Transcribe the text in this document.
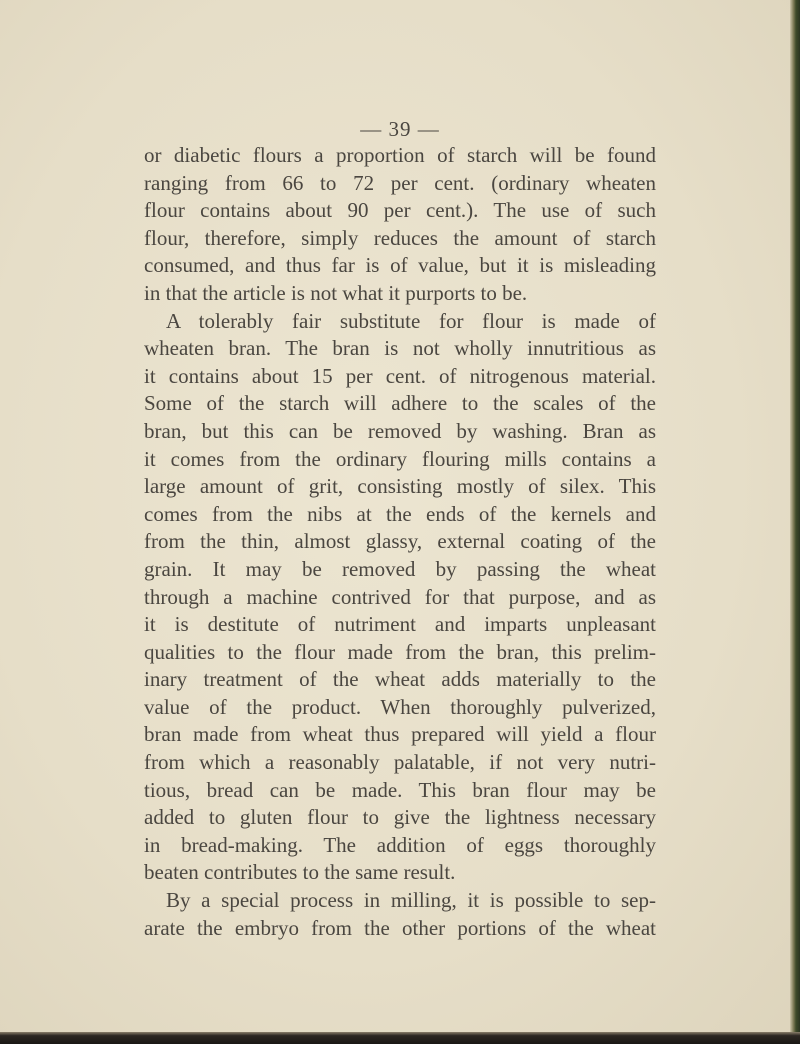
— 39 —
or diabetic flours a proportion of starch will be found
ranging from 66 to 72 per cent. (ordinary wheaten
flour contains about 90 per cent.). The use of such
flour, therefore, simply reduces the amount of starch
consumed, and thus far is of value, but it is misleading
in that the article is not what it purports to be.
A tolerably fair substitute for flour is made of
wheaten bran. The bran is not wholly innutritious as
it contains about 15 per cent. of nitrogenous material.
Some of the starch will adhere to the scales of the
bran, but this can be removed by washing. Bran as
it comes from the ordinary flouring mills contains a
large amount of grit, consisting mostly of silex. This
comes from the nibs at the ends of the kernels and
from the thin, almost glassy, external coating of the
grain. It may be removed by passing the wheat
through a machine contrived for that purpose, and as
it is destitute of nutriment and imparts unpleasant
qualities to the flour made from the bran, this prelim-
inary treatment of the wheat adds materially to the
value of the product. When thoroughly pulverized,
bran made from wheat thus prepared will yield a flour
from which a reasonably palatable, if not very nutri-
tious, bread can be made. This bran flour may be
added to gluten flour to give the lightness necessary
in bread-making. The addition of eggs thoroughly
beaten contributes to the same result.
By a special process in milling, it is possible to sep-
arate the embryo from the other portions of the wheat
